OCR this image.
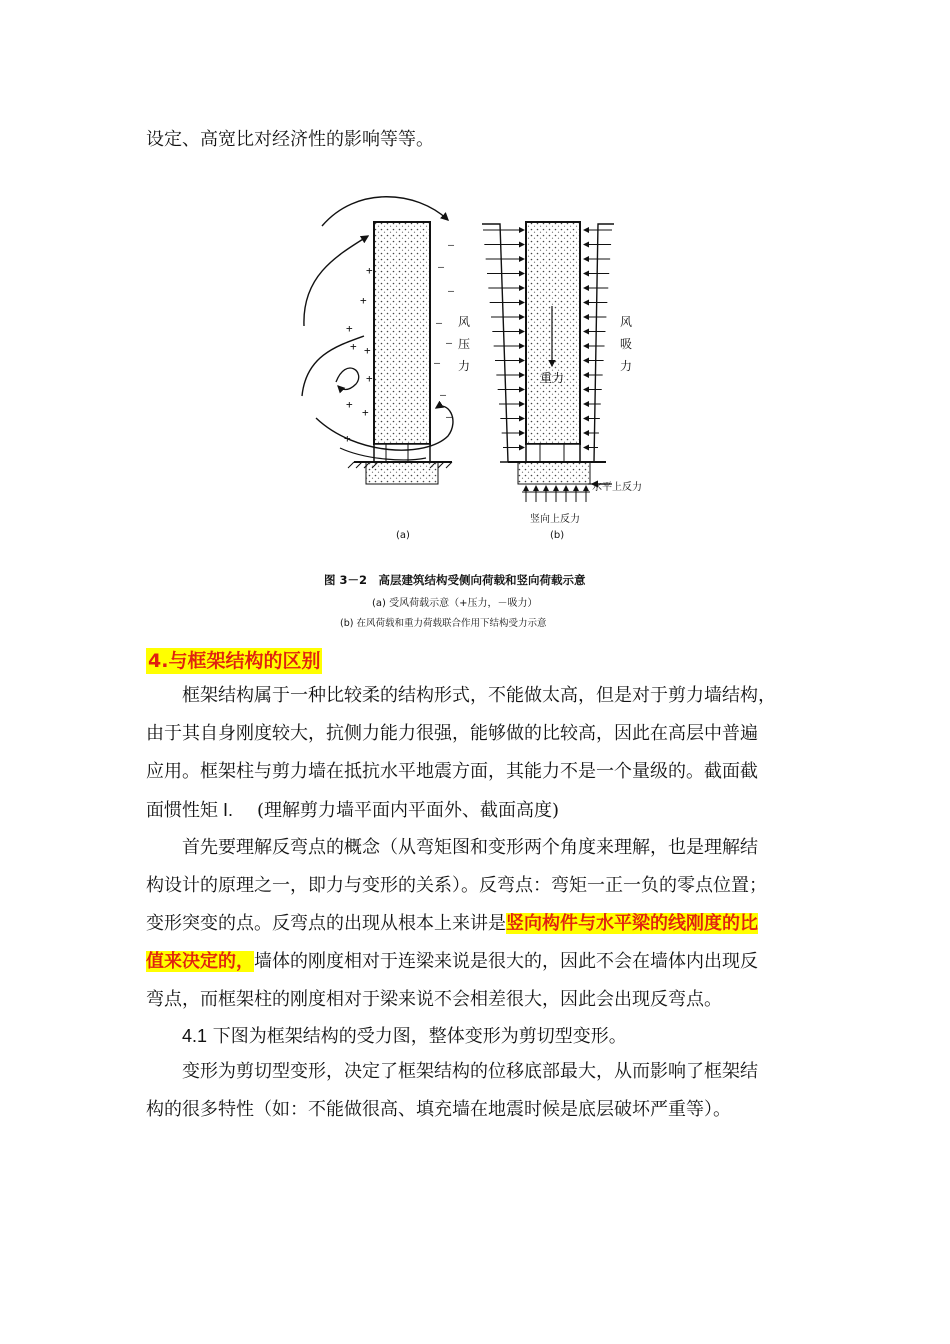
设定、高宽比对经济性的影响等等。
+
+
+
+
+
+
+
+
+
—
—
—
—
—
—
—
—
风
压
力
(a)
重力
风
吸
力
水平上反力
竖向上反力
(b)
图 3－2　高层建筑结构受侧向荷载和竖向荷载示意
(a) 受风荷载示意（+压力，－吸力）
(b) 在风荷载和重力荷载联合作用下结构受力示意
4.与框架结构的区别
框架结构属于一种比较柔的结构形式，不能做太高，但是对于剪力墙结构，
由于其自身刚度较大，抗侧力能力很强，能够做的比较高，因此在高层中普遍
应用。框架柱与剪力墙在抵抗水平地震方面，其能力不是一个量级的。截面截
面惯性矩 I. (理解剪力墙平面内平面外、截面高度)
首先要理解反弯点的概念（从弯矩图和变形两个角度来理解，也是理解结
构设计的原理之一，即力与变形的关系）。反弯点：弯矩一正一负的零点位置；
变形突变的点。反弯点的出现从根本上来讲是竖向构件与水平梁的线刚度的比
值来决定的，墙体的刚度相对于连梁来说是很大的，因此不会在墙体内出现反
弯点，而框架柱的刚度相对于梁来说不会相差很大，因此会出现反弯点。
4.1 下图为框架结构的受力图，整体变形为剪切型变形。
变形为剪切型变形，决定了框架结构的位移底部最大，从而影响了框架结
构的很多特性（如：不能做很高、填充墙在地震时候是底层破坏严重等）。
